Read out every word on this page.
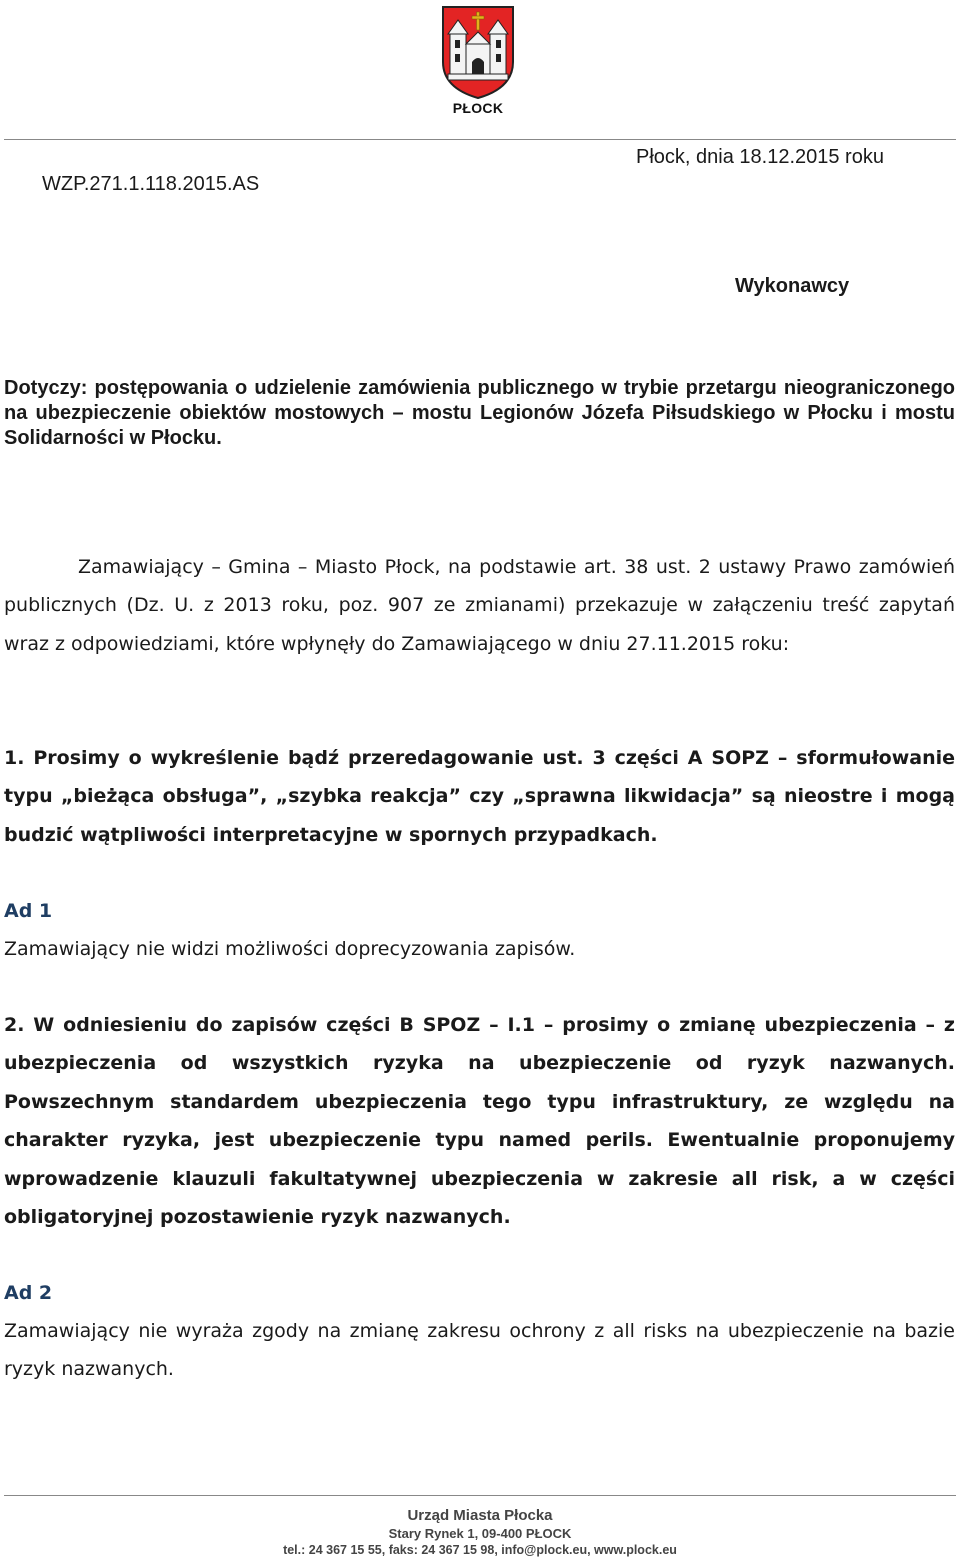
PŁOCK
Płock, dnia 18.12.2015 roku
WZP.271.1.118.2015.AS
Wykonawcy
Dotyczy: postępowania o udzielenie zamówienia publicznego w trybie przetargu nieograniczonego na ubezpieczenie obiektów mostowych – mostu Legionów Józefa Piłsudskiego w Płocku i mostu Solidarności w Płocku.
Zamawiający – Gmina – Miasto Płock, na podstawie art. 38 ust. 2 ustawy Prawo zamówień publicznych (Dz. U. z 2013 roku, poz. 907 ze zmianami) przekazuje w załączeniu treść zapytań wraz z odpowiedziami, które wpłynęły do Zamawiającego w dniu 27.11.2015 roku:
1. Prosimy o wykreślenie bądź przeredagowanie ust. 3 części A SOPZ – sformułowanie typu „bieżąca obsługa”, „szybka reakcja” czy „sprawna likwidacja” są nieostre i mogą budzić wątpliwości interpretacyjne w spornych przypadkach.
Ad 1
Zamawiający nie widzi możliwości doprecyzowania zapisów.
2. W odniesieniu do zapisów części B SPOZ – I.1 – prosimy o zmianę ubezpieczenia – z ubezpieczenia od wszystkich ryzyka na ubezpieczenie od ryzyk nazwanych. Powszechnym standardem ubezpieczenia tego typu infrastruktury, ze względu na charakter ryzyka, jest ubezpieczenie typu named perils. Ewentualnie proponujemy wprowadzenie klauzuli fakultatywnej ubezpieczenia w zakresie all risk, a w części obligatoryjnej pozostawienie ryzyk nazwanych.
Ad 2
Zamawiający nie wyraża zgody na zmianę zakresu ochrony z all risks na ubezpieczenie na bazie ryzyk nazwanych.
Urząd Miasta Płocka
Stary Rynek 1, 09-400 PŁOCK
tel.: 24 367 15 55, faks: 24 367 15 98, info@plock.eu, www.plock.eu
